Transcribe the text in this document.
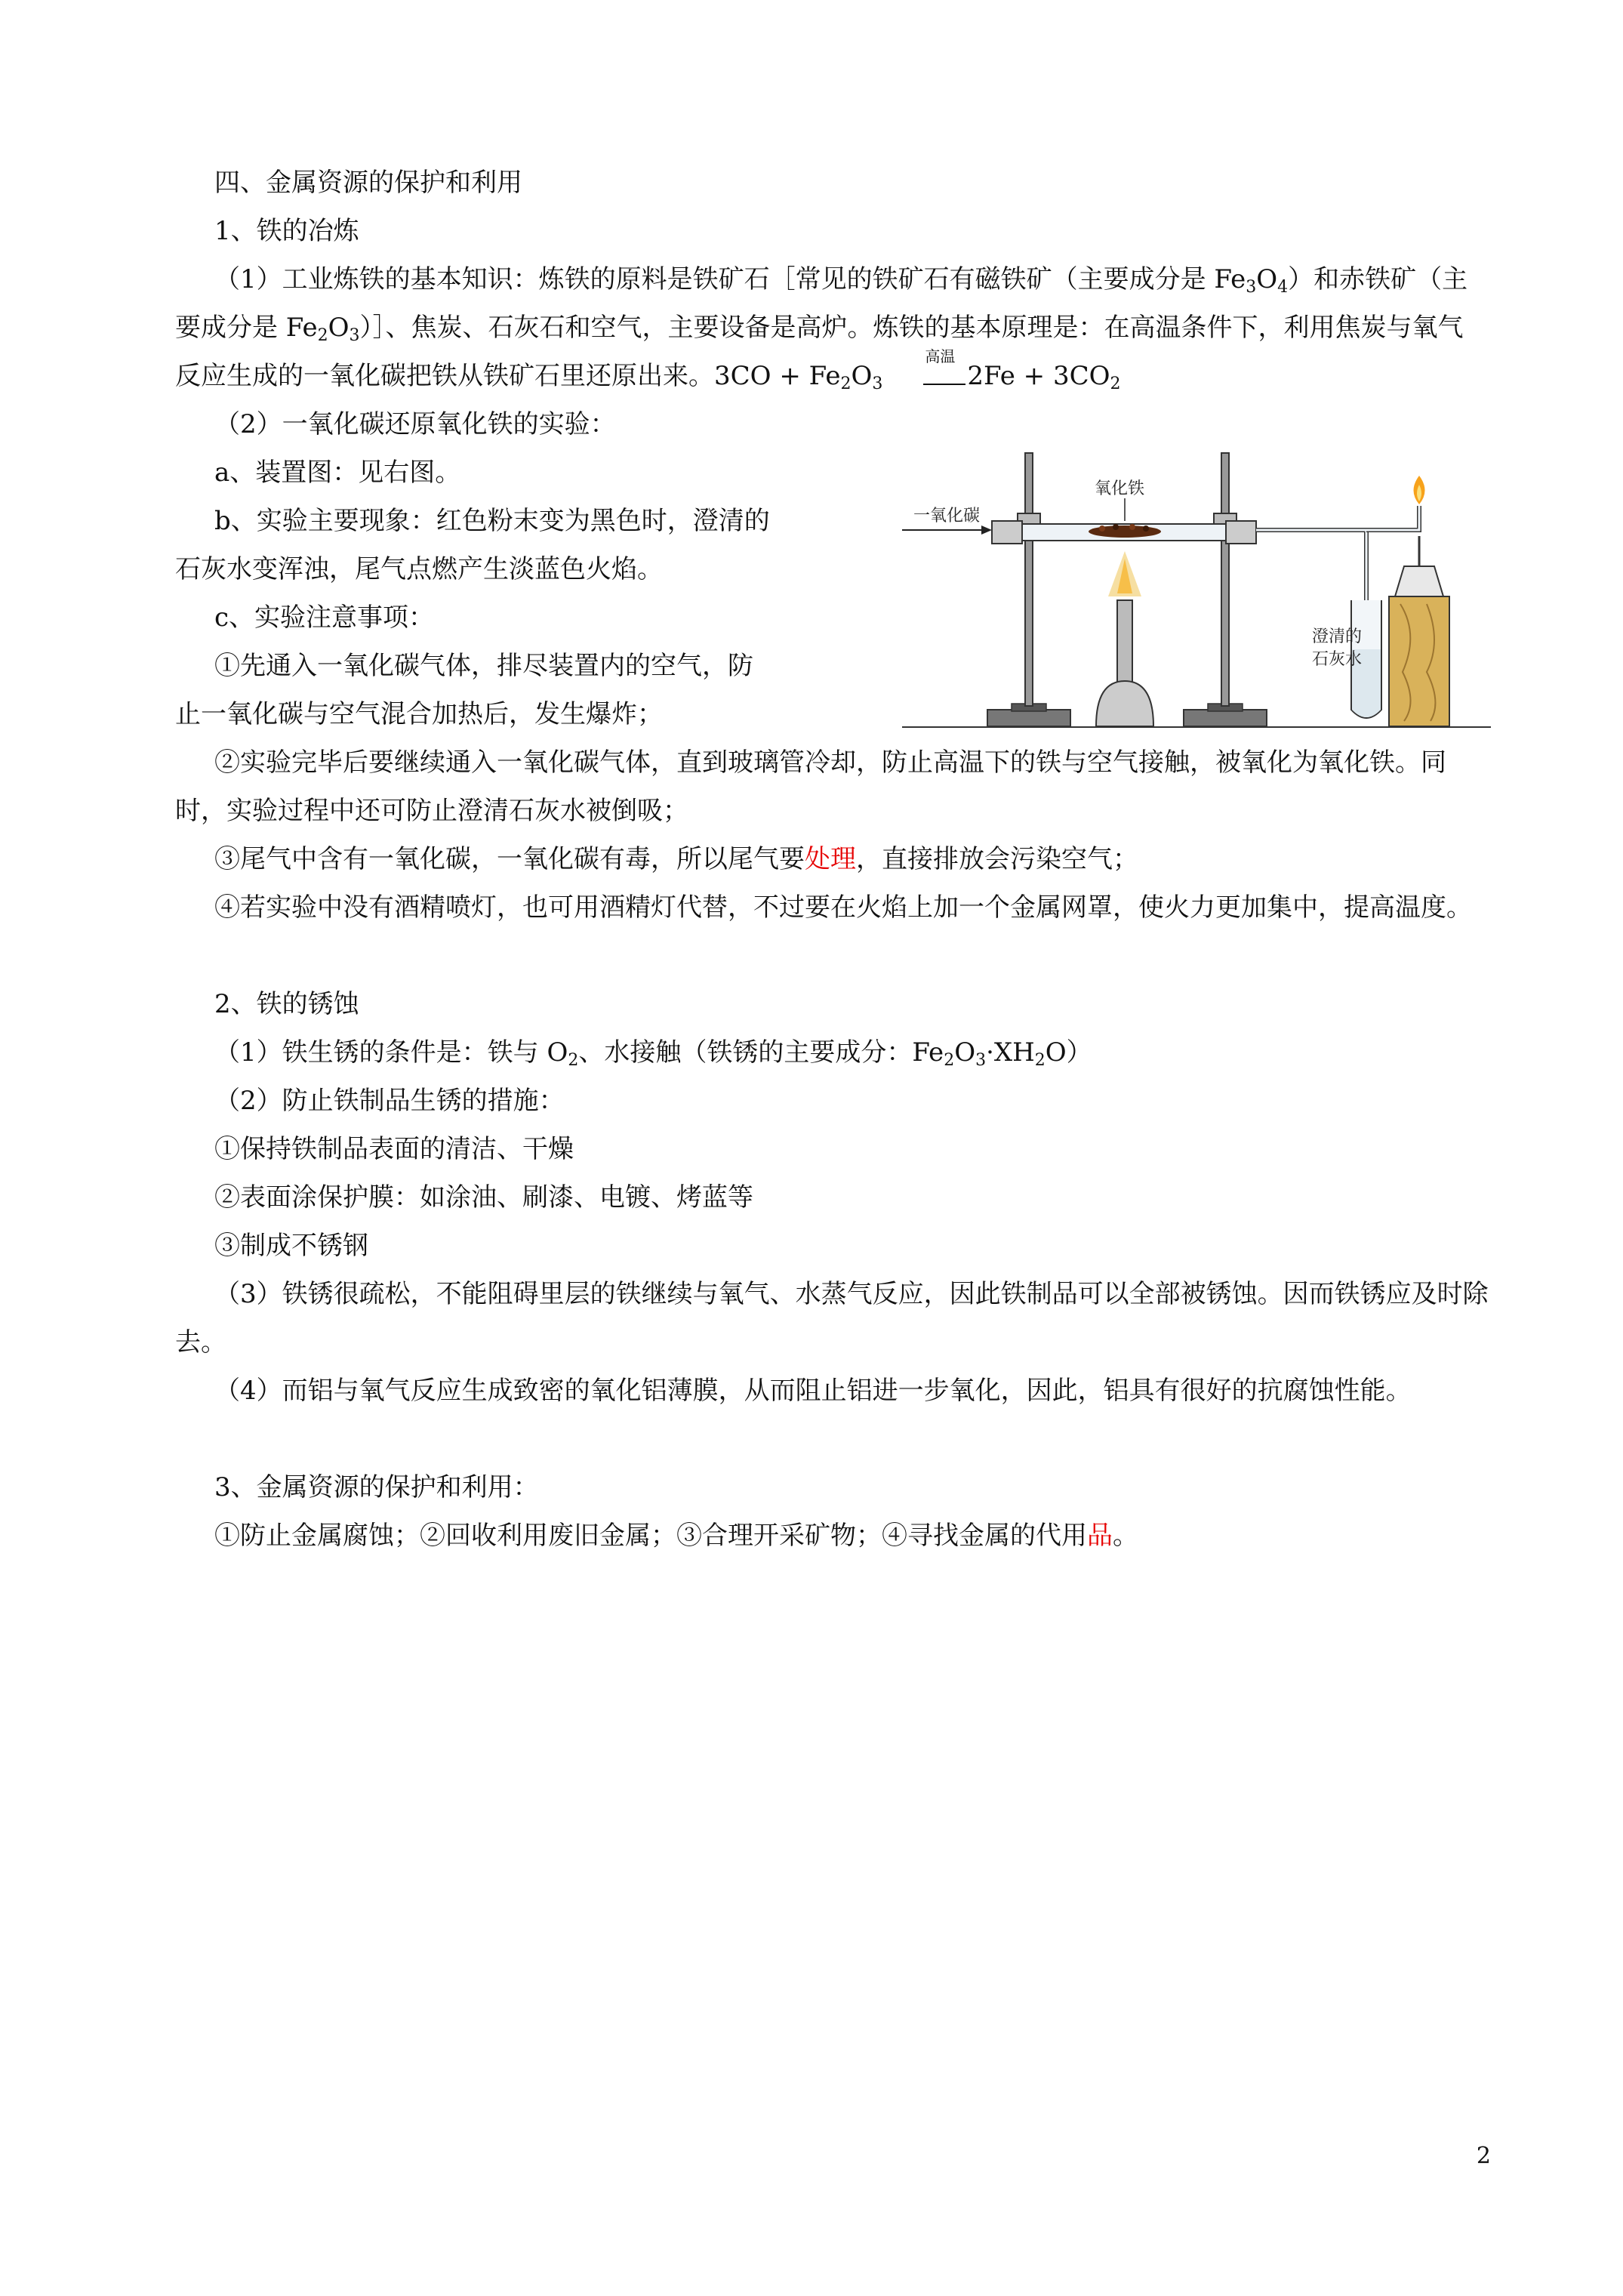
四、金属资源的保护和利用
1、铁的冶炼
（1）工业炼铁的基本知识：炼铁的原料是铁矿石［常见的铁矿石有磁铁矿（主要成分是 $Fe_3O_4$）和赤铁矿（主要成分是 $Fe_2O_3)]$、焦炭、石灰石和空气，主要设备是高炉。炼铁的基本原理是：在高温条件下，利用焦炭与氧气反应生成的一氧化碳把铁从铁矿石里还原出来。$3CO + Fe_2O_3$
高温
$2Fe + 3CO_2$
（2）一氧化碳还原氧化铁的实验：
a、装置图：见右图。
b、实验主要现象：红色粉末变为黑色时，澄清的
石灰水变浑浊，尾气点燃产生淡蓝色火焰。
c、实验注意事项：
①先通入一氧化碳气体，排尽装置内的空气，防
止一氧化碳与空气混合加热后，发生爆炸；
②实验完毕后要继续通入一氧化碳气体，直到玻璃管冷却，防止高温下的铁与空气接触，被氧化为氧化铁。同时，实验过程中还可防止澄清石灰水被倒吸；
③尾气中含有一氧化碳，一氧化碳有毒，所以尾气要处理，直接排放会污染空气；
④若实验中没有酒精喷灯，也可用酒精灯代替，不过要在火焰上加一个金属网罩，使火力更加集中，提高温度。
2、铁的锈蚀
（1）铁生锈的条件是：铁与 $O_2$、水接触（铁锈的主要成分：$Fe_2O_3\cdot XH_2O$）
（2）防止铁制品生锈的措施：
①保持铁制品表面的清洁、干燥
②表面涂保护膜：如涂油、刷漆、电镀、烤蓝等
③制成不锈钢
（3）铁锈很疏松，不能阻碍里层的铁继续与氧气、水蒸气反应，因此铁制品可以全部被锈蚀。因而铁锈应及时除去。
（4）而铝与氧气反应生成致密的氧化铝薄膜，从而阻止铝进一步氧化，因此，铝具有很好的抗腐蚀性能。
3、金属资源的保护和利用：
①防止金属腐蚀；②回收利用废旧金属；③合理开采矿物；④寻找金属的代用品。
一氧化碳
氧化铁
澄清的
石灰水
2
